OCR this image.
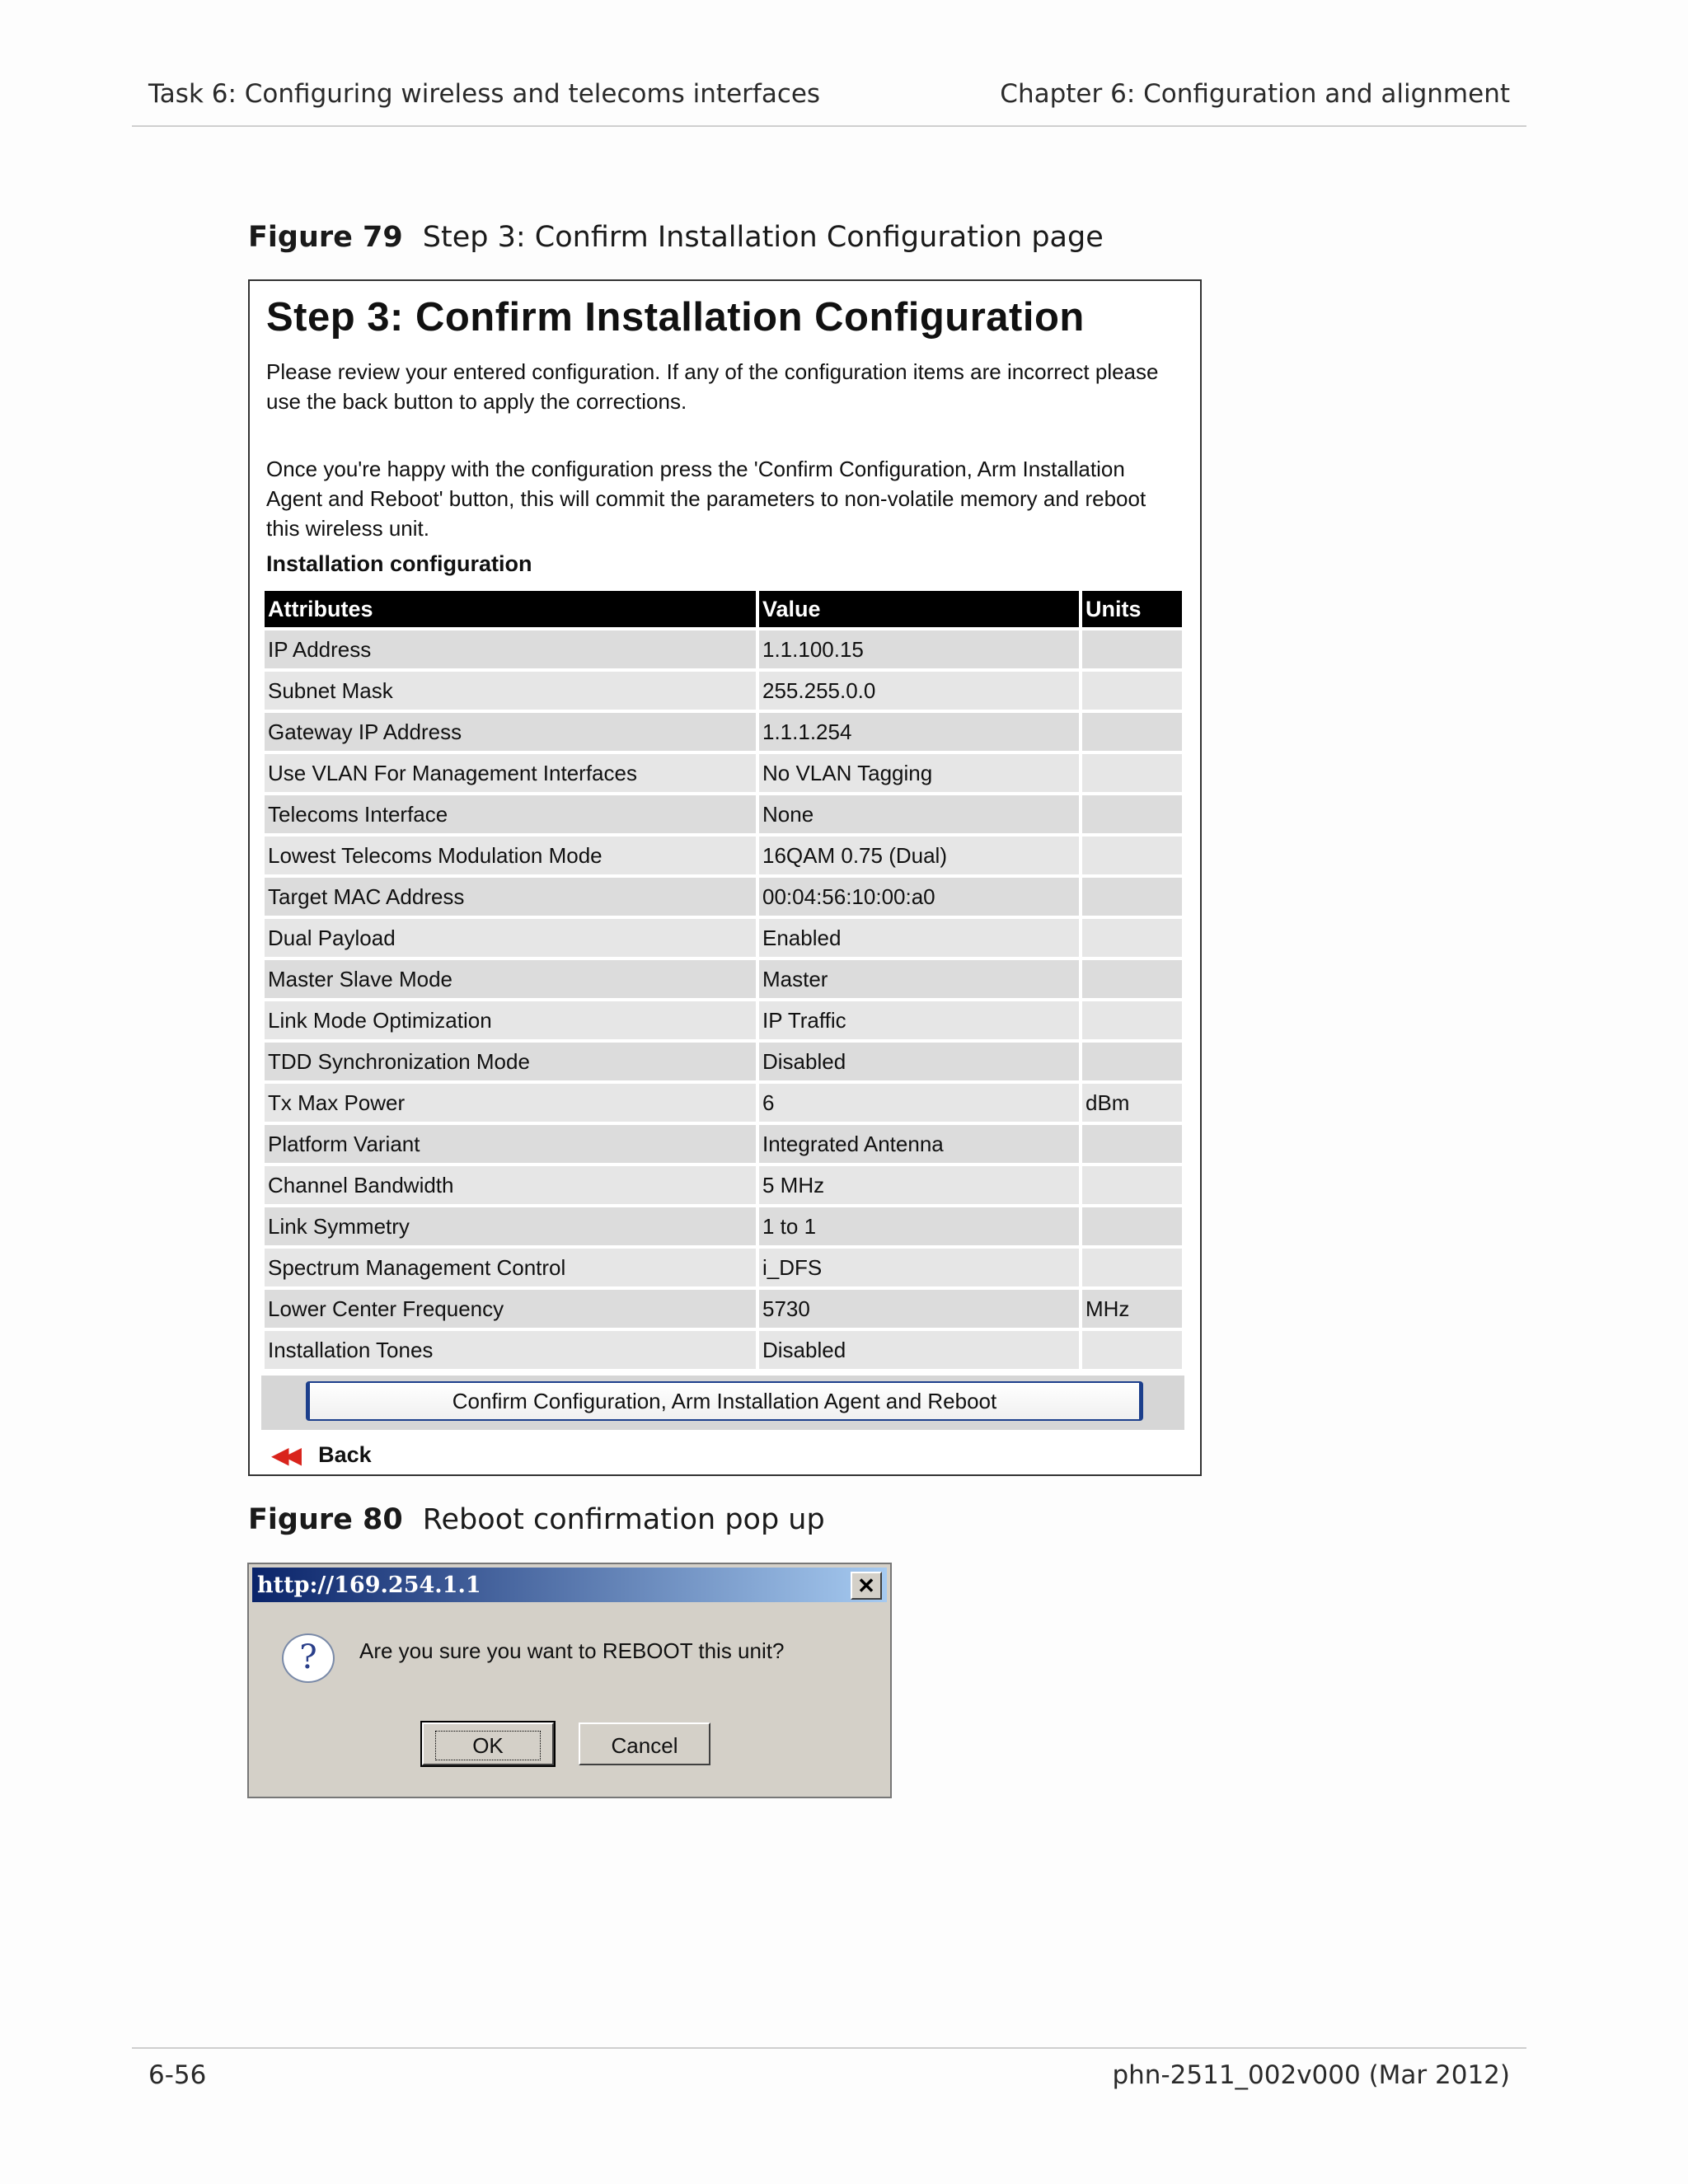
Task 6: Configuring wireless and telecoms interfaces	Chapter 6: Configuration and alignment
Figure 79 Step 3: Confirm Installation Configuration page
Step 3: Confirm Installation Configuration
Please review your entered configuration. If any of the configuration items are incorrect please use the back button to apply the corrections.
Once you're happy with the configuration press the 'Confirm Configuration, Arm Installation Agent and Reboot' button, this will commit the parameters to non-volatile memory and reboot this wireless unit.
Installation configuration
Attributes	Value	Units
IP Address	1.1.100.15	
Subnet Mask	255.255.0.0	
Gateway IP Address	1.1.1.254	
Use VLAN For Management Interfaces	No VLAN Tagging	
Telecoms Interface	None	
Lowest Telecoms Modulation Mode	16QAM 0.75 (Dual)	
Target MAC Address	00:04:56:10:00:a0	
Dual Payload	Enabled	
Master Slave Mode	Master	
Link Mode Optimization	IP Traffic	
TDD Synchronization Mode	Disabled	
Tx Max Power	6	dBm
Platform Variant	Integrated Antenna	
Channel Bandwidth	5 MHz	
Link Symmetry	1 to 1	
Spectrum Management Control	i_DFS	
Lower Center Frequency	5730	MHz
Installation Tones	Disabled	
Confirm Configuration, Arm Installation Agent and Reboot
◀◀ Back
Figure 80 Reboot confirmation pop up
http://169.254.1.1	✕
?	Are you sure you want to REBOOT this unit?
OK	Cancel
6-56	phn-2511_002v000 (Mar 2012)
